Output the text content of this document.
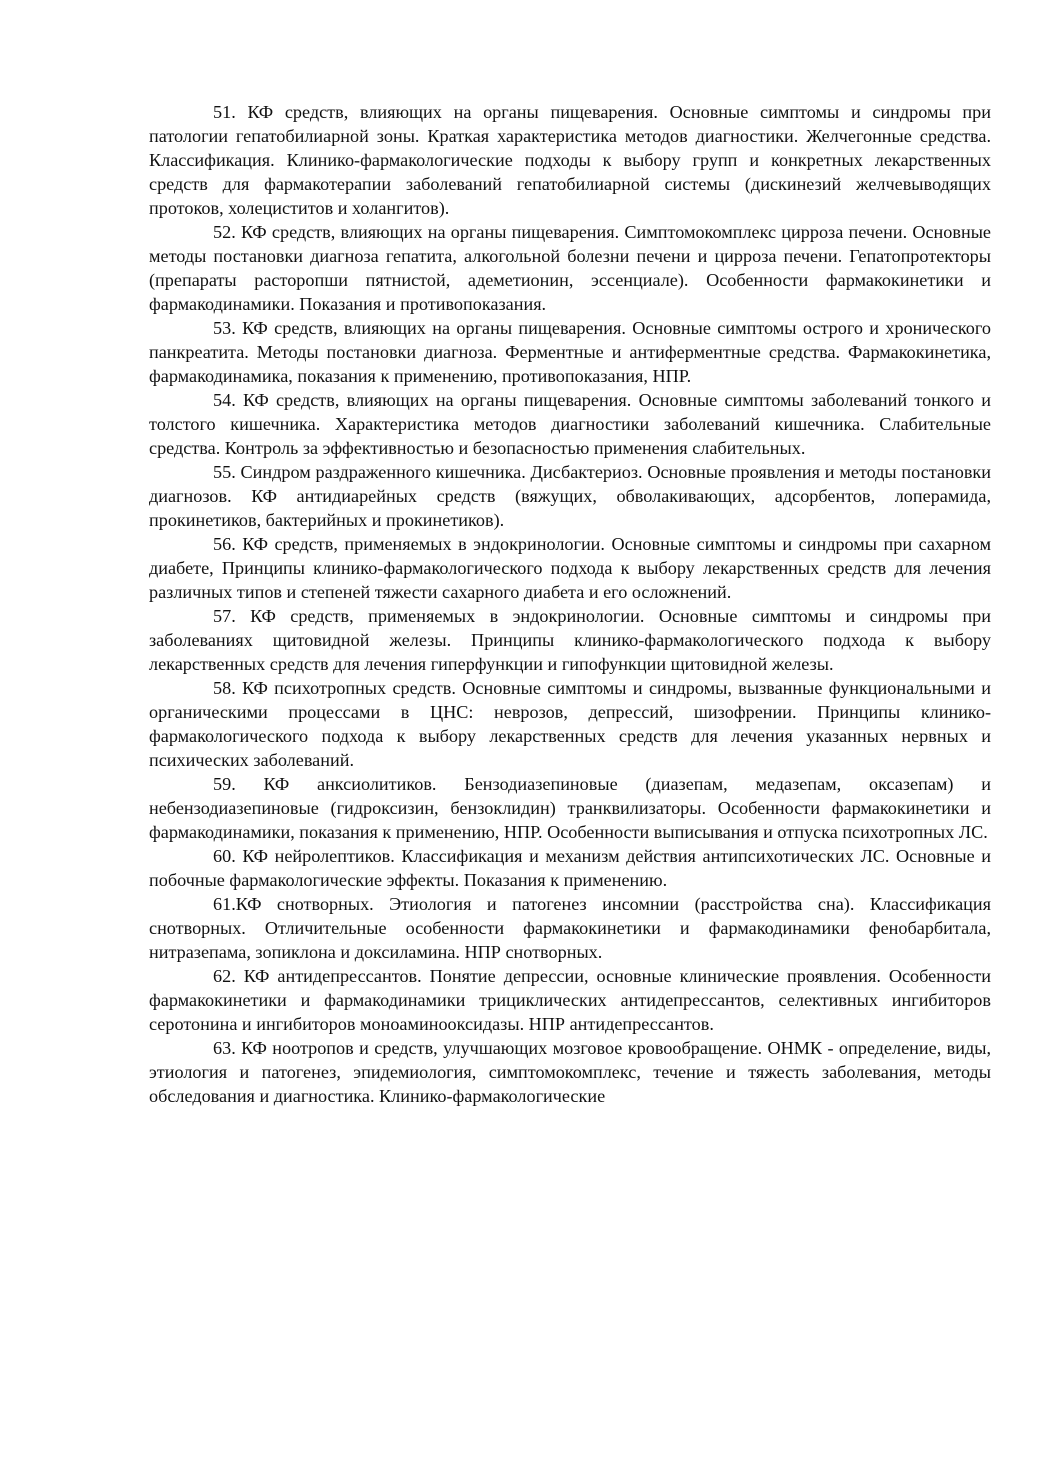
51. КФ средств, влияющих на органы пищеварения. Основные симптомы и синдромы при патологии гепатобилиарной зоны. Краткая характеристика методов диагностики. Желчегонные средства. Классификация. Клинико-фармакологические подходы к выбору групп и конкретных лекарственных средств для фармакотерапии заболеваний гепатобилиарной системы (дискинезий желчевыводящих протоков, холециститов и холангитов).

52. КФ средств, влияющих на органы пищеварения. Симптомокомплекс цирроза печени. Основные методы постановки диагноза гепатита, алкогольной болезни печени и цирроза печени. Гепатопротекторы (препараты расторопши пятнистой, адеметионин, эссенциале). Особенности фармакокинетики и фармакодинамики. Показания и противопоказания.

53. КФ средств, влияющих на органы пищеварения. Основные симптомы острого и хронического панкреатита. Методы постановки диагноза. Ферментные и антиферментные средства. Фармакокинетика, фармакодинамика, показания к применению, противопоказания, НПР.

54. КФ средств, влияющих на органы пищеварения. Основные симптомы заболеваний тонкого и толстого кишечника. Характеристика методов диагностики заболеваний кишечника. Слабительные средства. Контроль за эффективностью и безопасностью применения слабительных.

55. Синдром раздраженного кишечника. Дисбактериоз. Основные проявления и методы постановки диагнозов. КФ антидиарейных средств (вяжущих, обволакивающих, адсорбентов, лоперамида, прокинетиков, бактерийных и прокинетиков).

56. КФ средств, применяемых в эндокринологии. Основные симптомы и синдромы при сахарном диабете, Принципы клинико-фармакологического подхода к выбору лекарственных средств для лечения различных типов и степеней тяжести сахарного диабета и его осложнений.

57. КФ средств, применяемых в эндокринологии. Основные симптомы и синдромы при заболеваниях щитовидной железы. Принципы клинико-фармакологического подхода к выбору лекарственных средств для лечения гиперфункции и гипофункции щитовидной железы.

58. КФ психотропных средств. Основные симптомы и синдромы, вызванные функциональными и органическими процессами в ЦНС: неврозов, депрессий, шизофрении. Принципы клинико-фармакологического подхода к выбору лекарственных средств для лечения указанных нервных и психических заболеваний.

59. КФ анксиолитиков. Бензодиазепиновые (диазепам, медазепам, оксазепам) и небензодиазепиновые (гидроксизин, бензоклидин) транквилизаторы. Особенности фармакокинетики и фармакодинамики, показания к применению, НПР. Особенности выписывания и отпуска психотропных ЛС.

60. КФ нейролептиков. Классификация и механизм действия антипсихотических ЛС. Основные и побочные фармакологические эффекты. Показания к применению.

61.КФ снотворных. Этиология и патогенез инсомнии (расстройства сна). Классификация снотворных. Отличительные особенности фармакокинетики и фармакодинамики фенобарбитала, нитразепама, зопиклона и доксиламина. НПР снотворных.

62. КФ антидепрессантов. Понятие депрессии, основные клинические проявления. Особенности фармакокинетики и фармакодинамики трициклических антидепрессантов, селективных ингибиторов серотонина и ингибиторов моноаминооксидазы. НПР антидепрессантов.

63. КФ ноотропов и средств, улучшающих мозговое кровообращение. ОНМК - определение, виды, этиология и патогенез, эпидемиология, симптомокомплекс, течение и тяжесть заболевания, методы обследования и диагностика. Клинико-фармакологические
